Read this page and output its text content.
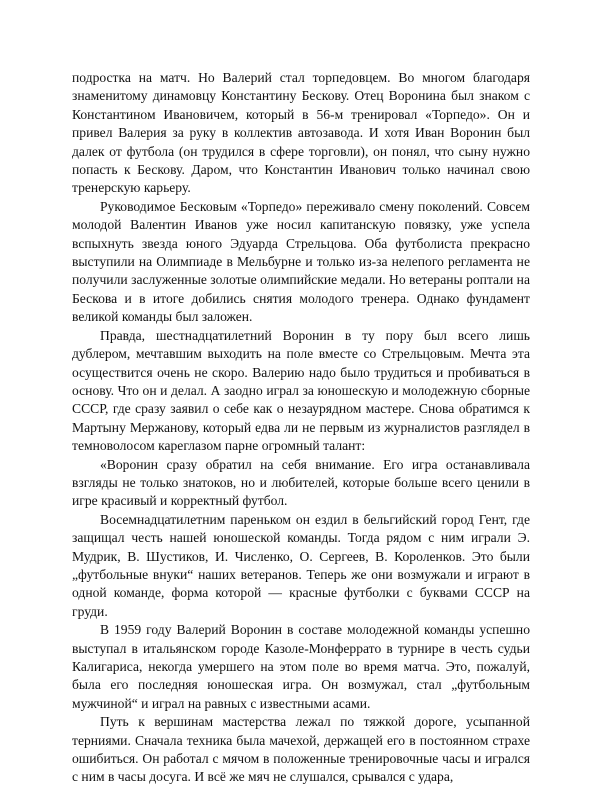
подростка на матч. Но Валерий стал торпедовцем. Во многом благодаря знаменитому динамовцу Константину Бескову. Отец Воронина был знаком с Константином Ивановичем, который в 56-м тренировал «Торпедо». Он и привел Валерия за руку в коллектив автозавода. И хотя Иван Воронин был далек от футбола (он трудился в сфере торговли), он понял, что сыну нужно попасть к Бескову. Даром, что Константин Иванович только начинал свою тренерскую карьеру.

Руководимое Бесковым «Торпедо» переживало смену поколений. Совсем молодой Валентин Иванов уже носил капитанскую повязку, уже успела вспыхнуть звезда юного Эдуарда Стрельцова. Оба футболиста прекрасно выступили на Олимпиаде в Мельбурне и только из-за нелепого регламента не получили заслуженные золотые олимпийские медали. Но ветераны роптали на Бескова и в итоге добились снятия молодого тренера. Однако фундамент великой команды был заложен.

Правда, шестнадцатилетний Воронин в ту пору был всего лишь дублером, мечтавшим выходить на поле вместе со Стрельцовым. Мечта эта осуществится очень не скоро. Валерию надо было трудиться и пробиваться в основу. Что он и делал. А заодно играл за юношескую и молодежную сборные СССР, где сразу заявил о себе как о незаурядном мастере. Снова обратимся к Мартыну Мержанову, который едва ли не первым из журналистов разглядел в темноволосом кареглазом парне огромный талант:

«Воронин сразу обратил на себя внимание. Его игра останавливала взгляды не только знатоков, но и любителей, которые больше всего ценили в игре красивый и корректный футбол.

Восемнадцатилетним пареньком он ездил в бельгийский город Гент, где защищал честь нашей юношеской команды. Тогда рядом с ним играли Э. Мудрик, В. Шустиков, И. Численко, О. Сергеев, В. Короленков. Это были „футбольные внуки“ наших ветеранов. Теперь же они возмужали и играют в одной команде, форма которой — красные футболки с буквами СССР на груди.

В 1959 году Валерий Воронин в составе молодежной команды успешно выступал в итальянском городе Казоле-Монферрато в турнире в честь судьи Калигариса, некогда умершего на этом поле во время матча. Это, пожалуй, была его последняя юношеская игра. Он возмужал, стал „футбольным мужчиной“ и играл на равных с известными асами.

Путь к вершинам мастерства лежал по тяжкой дороге, усыпанной терниями. Сначала техника была мачехой, держащей его в постоянном страхе ошибиться. Он работал с мячом в положенные тренировочные часы и игрался с ним в часы досуга. И всё же мяч не слушался, срывался с удара,
